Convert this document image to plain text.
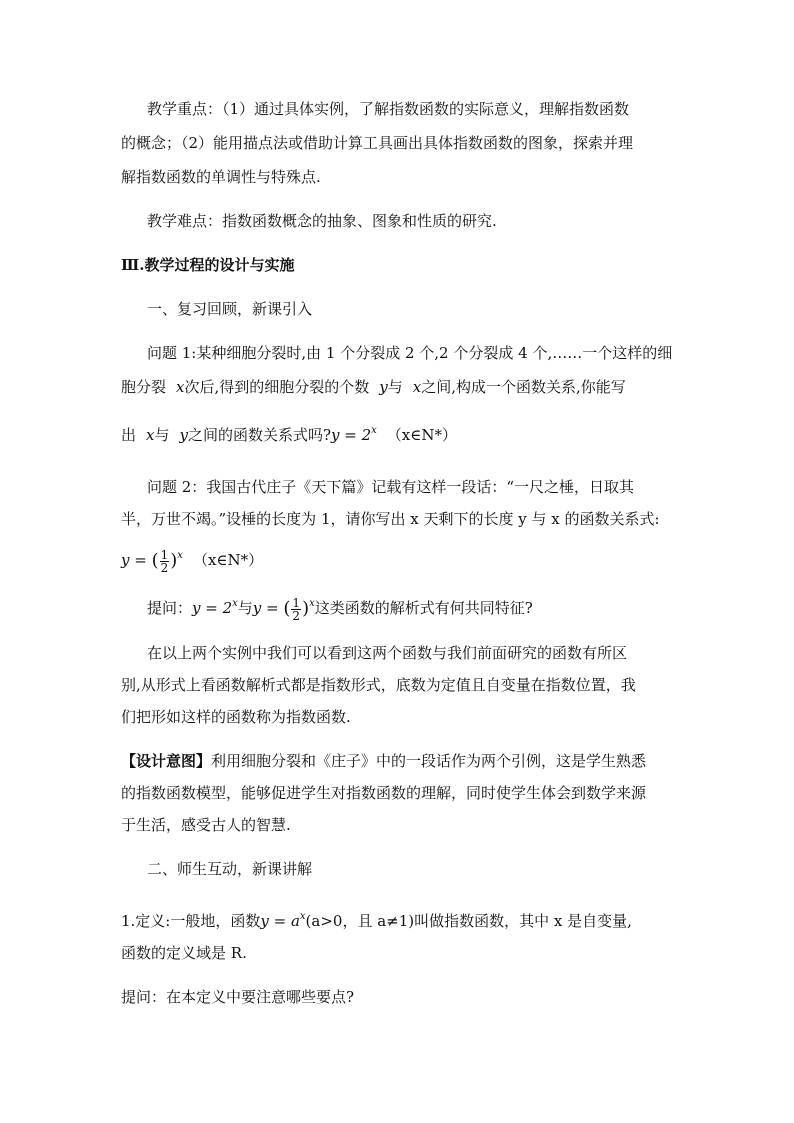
教学重点：（1）通过具体实例，了解指数函数的实际意义，理解指数函数
的概念；（2）能用描点法或借助计算工具画出具体指数函数的图象，探索并理
解指数函数的单调性与特殊点.
教学难点：指数函数概念的抽象、图象和性质的研究.
Ⅲ.教学过程的设计与实施
一、复习回顾，新课引入
问题 1:某种细胞分裂时,由 1 个分裂成 2 个,2 个分裂成 4 个,……一个这样的细
胞分裂 x次后,得到的细胞分裂的个数 y与 x之间,构成一个函数关系,你能写
出 x与 y之间的函数关系式吗?y = $2^x$ （x∈N*）
问题 2：我国古代庄子《天下篇》记载有这样一段话：“一尺之棰，日取其
半，万世不竭。”设棰的长度为 1，请你写出 x 天剩下的长度 y 与 x 的函数关系式:
y = ( $\frac{1}{2} )^x$ （x∈N*）
提问：$y = 2^x$与y = ( $\frac{1}{2} )^x$这类函数的解析式有何共同特征?
在以上两个实例中我们可以看到这两个函数与我们前面研究的函数有所区
别,从形式上看函数解析式都是指数形式，底数为定值且自变量在指数位置，我
们把形如这样的函数称为指数函数.
【设计意图】利用细胞分裂和《庄子》中的一段话作为两个引例，这是学生熟悉
的指数函数模型，能够促进学生对指数函数的理解，同时使学生体会到数学来源
于生活，感受古人的智慧.
二、师生互动，新课讲解
1.定义:一般地，函数$y = a^x(a>0$，且 a≠1)叫做指数函数，其中 x 是自变量,
函数的定义域是 R.
提问：在本定义中要注意哪些要点?
